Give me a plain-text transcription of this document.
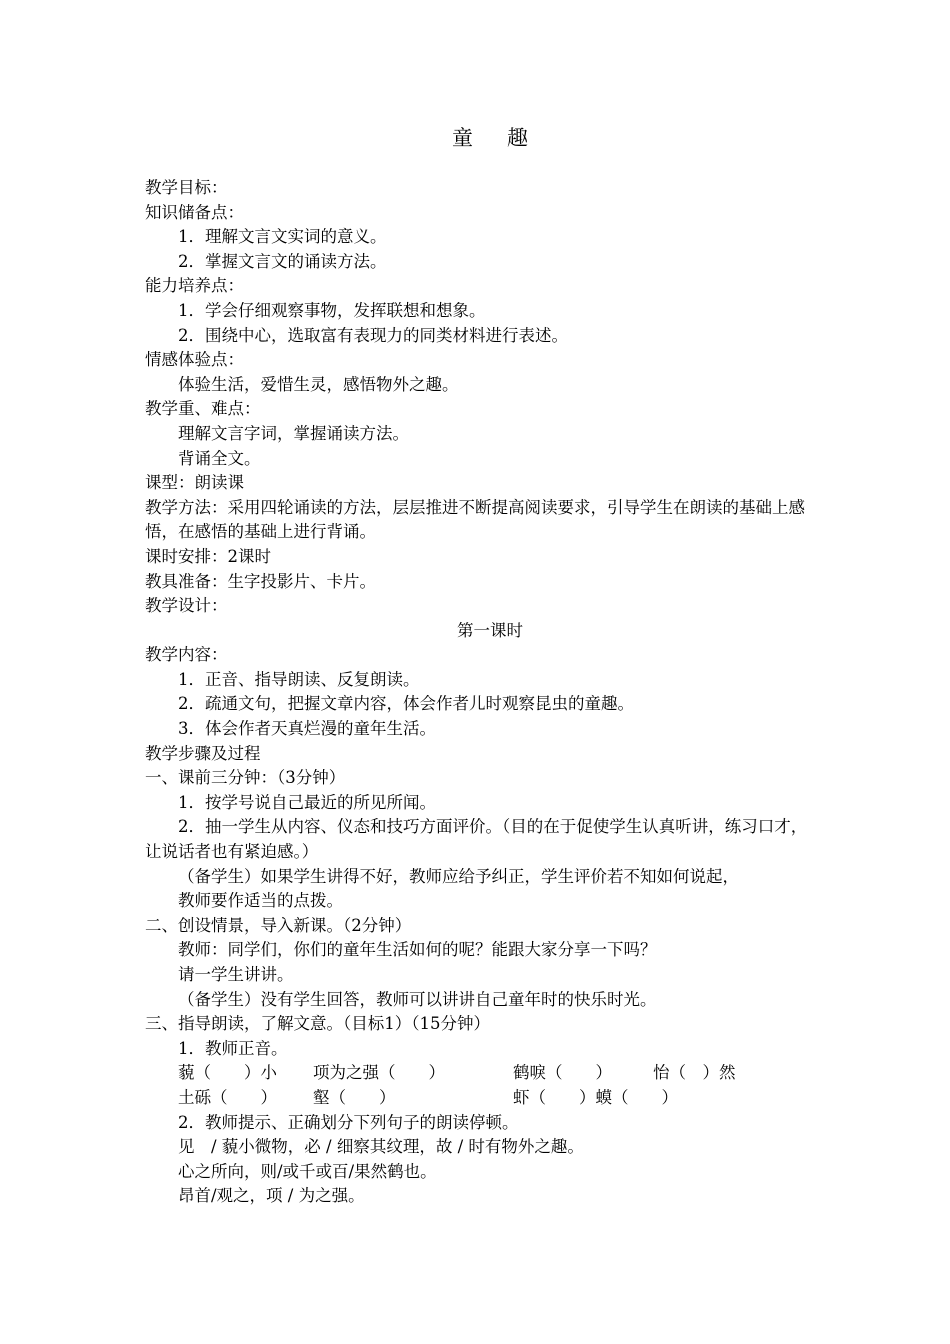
童 趣
教学目标：
知识储备点：
1．理解文言文实词的意义。
2．掌握文言文的诵读方法。
能力培养点：
1．学会仔细观察事物，发挥联想和想象。
2．围绕中心，选取富有表现力的同类材料进行表述。
情感体验点：
体验生活，爱惜生灵，感悟物外之趣。
教学重、难点：
理解文言字词，掌握诵读方法。
背诵全文。
课型：朗读课
教学方法：采用四轮诵读的方法，层层推进不断提高阅读要求，引导学生在朗读的基础上感悟，在感悟的基础上进行背诵。
课时安排：2课时
教具准备：生字投影片、卡片。
教学设计：
第一课时
教学内容：
1．正音、指导朗读、反复朗读。
2．疏通文句，把握文章内容，体会作者儿时观察昆虫的童趣。
3．体会作者天真烂漫的童年生活。
教学步骤及过程
一、课前三分钟：（3分钟）
1．按学号说自己最近的所见所闻。
2．抽一学生从内容、仪态和技巧方面评价。（目的在于促使学生认真听讲，练习口才，让说话者也有紧迫感。）
（备学生）如果学生讲得不好，教师应给予纠正，学生评价若不知如何说起，
教师要作适当的点拨。
二、创设情景，导入新课。（2分钟）
教师：同学们，你们的童年生活如何的呢？能跟大家分享一下吗？
请一学生讲讲。
（备学生）没有学生回答，教师可以讲讲自己童年时的快乐时光。
三、指导朗读，了解文意。（目标1）（15分钟）
1．教师正音。
藐（　　）小 项为之强（　　）	鹤唳（　　） 怡（　）然
土砾（　　） 壑（　　）	虾（　　）蟆（　　）
2．教师提示、正确划分下列句子的朗读停顿。
见　/ 藐小微物，必 / 细察其纹理，故 / 时有物外之趣。
心之所向，则/或千或百/果然鹤也。
昂首/观之，项 / 为之强。
